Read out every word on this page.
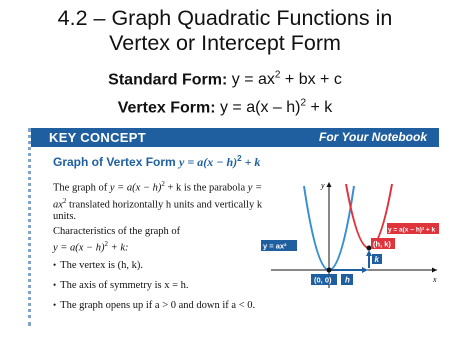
4.2 – Graph Quadratic Functions in
Vertex or Intercept Form
Standard Form: $y = ax^2$ + bx + c
Vertex Form: y = a(x – h)$^2$ + k
KEY CONCEPT	For Your Notebook
Graph of Vertex Form $y = a(x - h)^2 + k$

The graph of $y = a(x - h)^2 + k$ is the parabola $y = ax^2$ translated horizontally h units and vertically k units.

Characteristics of the graph of
$y = a(x - h)^2 + k$:

• The vertex is (h, k).
• The axis of symmetry is x = h.
• The graph opens up if a > 0 and down if a < 0.
x
y
(0, 0) h
k
(h, k)
y = ax²
y = a(x − h)² + k
